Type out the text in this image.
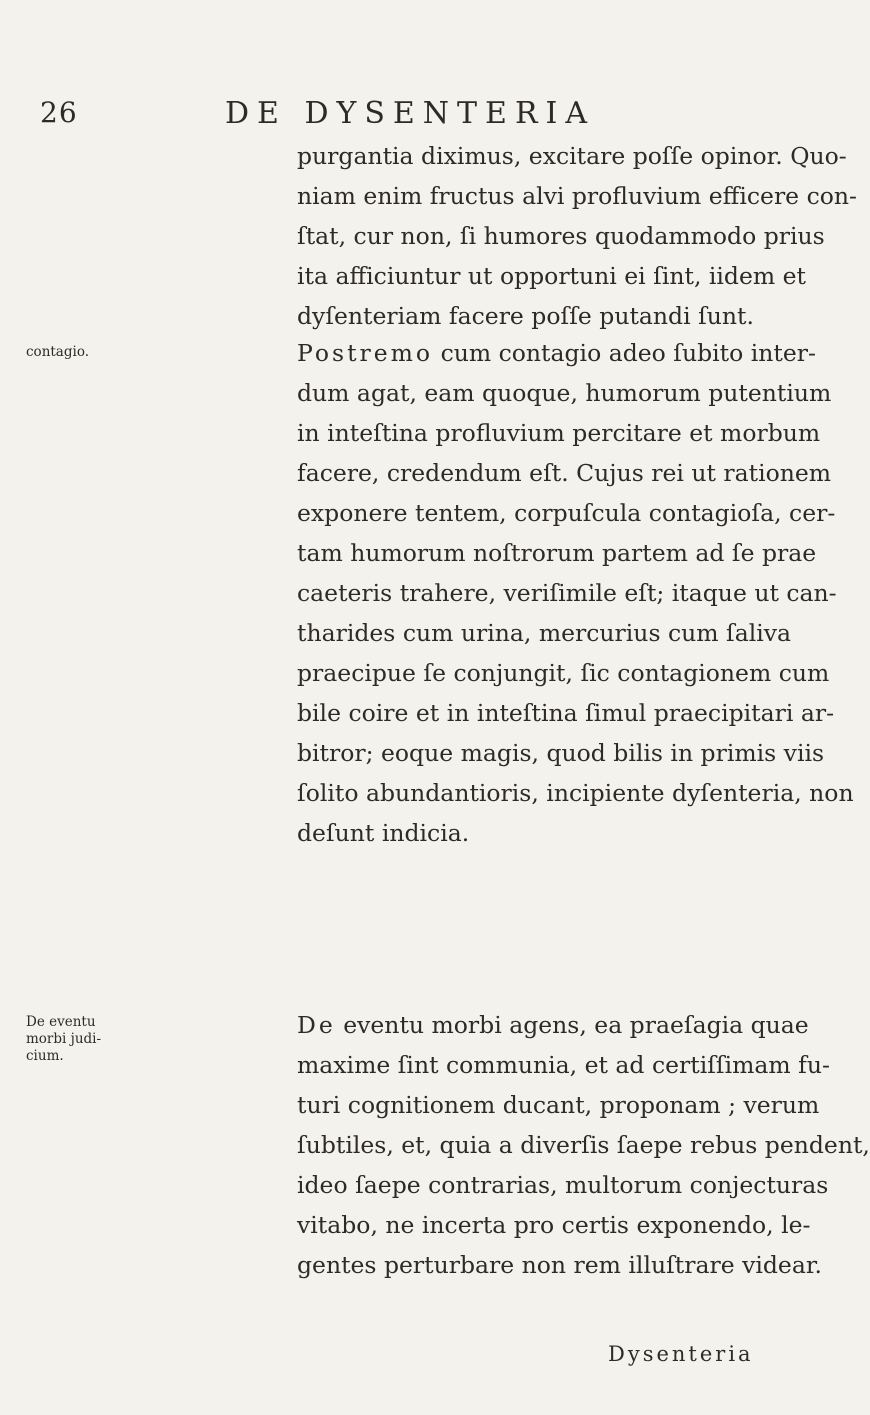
26	DE DYSENTERIA
purgantia diximus, excitare poſſe opinor. Quo-
niam enim fructus alvi profluvium efficere con-
ſtat, cur non, ſi humores quodammodo prius
ita afficiuntur ut opportuni ei ſint, iidem et
dyſenteriam facere poſſe putandi ſunt.
Postremo cum contagio adeo ſubito inter-
dum agat, eam quoque, humorum putentium
in inteſtina profluvium percitare et morbum
facere, credendum eſt. Cujus rei ut rationem
exponere tentem, corpuſcula contagioſa, cer-
tam humorum noſtrorum partem ad ſe prae
caeteris trahere, veriſimile eſt; itaque ut can-
tharides cum urina, mercurius cum ſaliva
praecipue ſe conjungit, ſic contagionem cum
bile coire et in inteſtina ſimul praecipitari ar-
bitror; eoque magis, quod bilis in primis viis
ſolito abundantioris, incipiente dyſenteria, non
deſunt indicia.
De eventu morbi agens, ea praeſagia quae
maxime ſint communia, et ad certiſſimam fu-
turi cognitionem ducant, proponam ; verum
ſubtiles, et, quia a diverſis ſaepe rebus pendent,
ideo ſaepe contrarias, multorum conjecturas
vitabo, ne incerta pro certis exponendo, le-
gentes perturbare non rem illuſtrare videar.
contagio.
De eventu
morbi judi-
cium.
Dysenteria
